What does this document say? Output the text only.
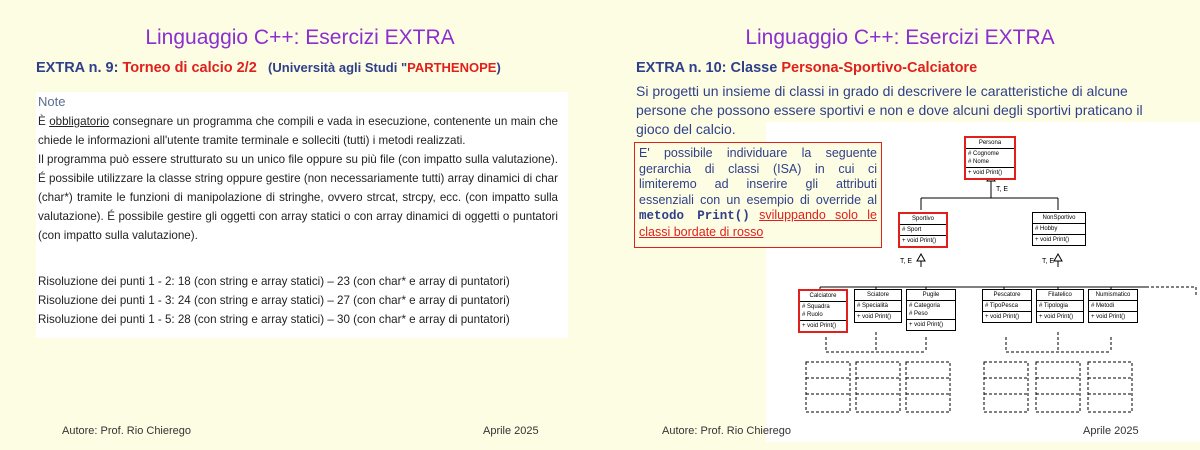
Linguaggio C++: Esercizi EXTRA
EXTRA n. 9: Torneo di calcio 2/2 (Università agli Studi "PARTHENOPE)
Note
È obbligatorio consegnare un programma che compili e vada in esecuzione, contenente un main che chiede le informazioni all'utente tramite terminale e solleciti (tutti) i metodi realizzati.
Il programma può essere strutturato su un unico file oppure su più file (con impatto sulla valutazione). É possibile utilizzare la classe string oppure gestire (non necessariamente tutti) array dinamici di char (char*) tramite le funzioni di manipolazione di stringhe, ovvero strcat, strcpy, ecc. (con impatto sulla valutazione). É possibile gestire gli oggetti con array statici o con array dinamici di oggetti o puntatori (con impatto sulla valutazione).
Risoluzione dei punti 1 - 2: 18 (con string e array statici) – 23 (con char* e array di puntatori)
Risoluzione dei punti 1 - 3: 24 (con string e array statici) – 27 (con char* e array di puntatori)
Risoluzione dei punti 1 - 5: 28 (con string e array statici) – 30 (con char* e array di puntatori)
Autore: Prof. Rio Chierego	Aprile 2025
Linguaggio C++: Esercizi EXTRA
EXTRA n. 10: Classe Persona-Sportivo-Calciatore
Si progetti un insieme di classi in grado di descrivere le caratteristiche di alcune persone che possono essere sportivi e non e dove alcuni degli sportivi praticano il gioco del calcio.
Persona
# Cognome
# Nome
+ void Print()
T, E
Sportivo
# Sport
+ void Print()
NonSportivo
# Hobby
+ void Print()
T, E	T, E
Calciatore
# Squadra
# Ruolo
+ void Print()
Sciatore
# Specialità
+ void Print()
Pugile
# Categoria
# Peso
+ void Print()
Pescatore
# TipoPesca
+ void Print()
Filatelico
# Tipologia
+ void Print()
Numismatico
# Metodi
+ void Print()
E' possibile individuare la seguente gerarchia di classi (ISA) in cui ci limiteremo ad inserire gli attributi essenziali con un esempio di override al metodo Print() sviluppando solo le classi bordate di rosso
Autore: Prof. Rio Chierego	Aprile 2025
